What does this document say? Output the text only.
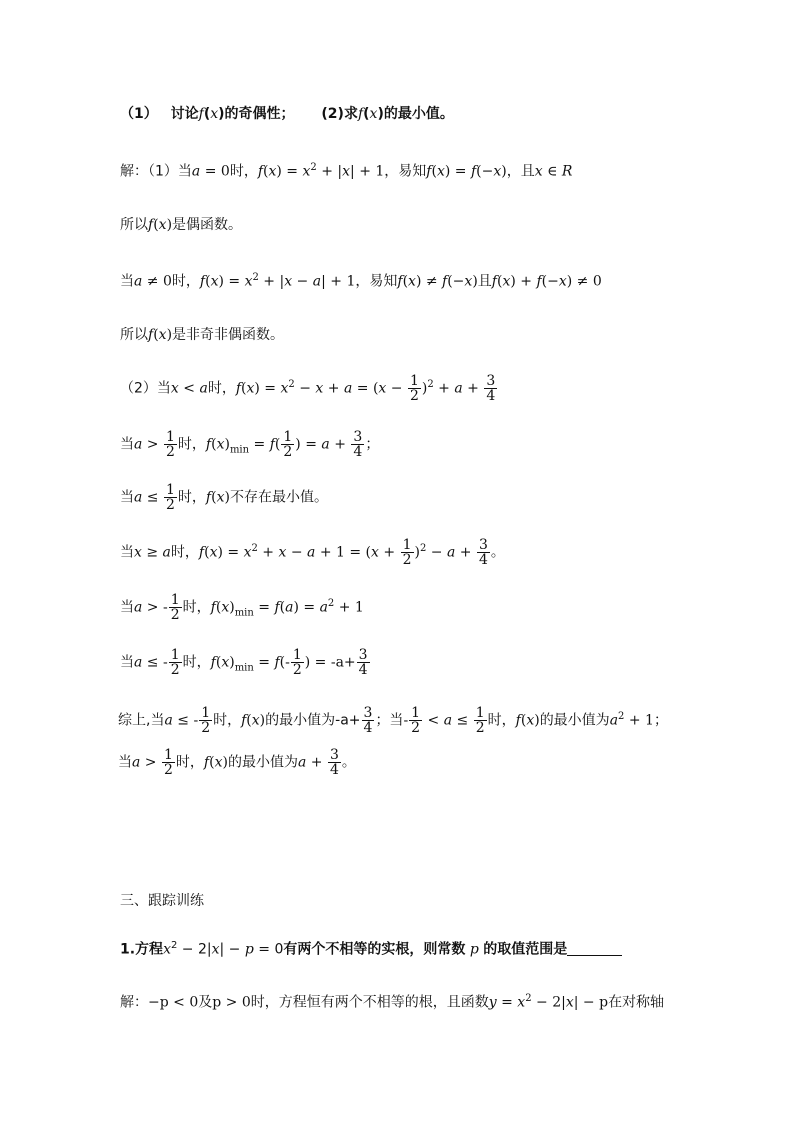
（1） 讨论f(x)的奇偶性； (2)求f(x)的最小值。
解：（1）当a = 0时，$f(x) = x^2 + |x| + 1$，易知f(x) = f(−x)，且x ∈ R
所以f(x)是偶函数。
当a ≠ 0时，$f(x) = x^2 + |x - a| + 1$，易知f(x) ≠ f(−x)且f(x) + f(−x) ≠ 0
所以f(x)是非奇非偶函数。
（2）当x < a时，$f(x) = x^2 - x + a = (x - \frac{1}{2} )^2 + a + \frac{3}{4}$
当$a > \frac{1}{2}$ 时，$f(x)_{min} = f( \frac{1}{2}$ ) = $a + \frac{3}{4}$ ；
当$a \le \frac{1}{2}$ 时，f(x)不存在最小值。
当x ≥ a时，$f(x) = x^2 + x - a + 1 = (x + \frac{1}{2} )^2 - a + \frac{3}{4}$ 。
当a > - $\frac{1}{2}$ 时，$f(x)_{min} = f(a) = a^2 + 1$
当a ≤ - $\frac{1}{2}$ 时，$f(x)_{min} = f(- \frac{1}{2}$ ) = $-a+ \frac{3}{4}$
综上,当a ≤ - $\frac{1}{2}$ 时，f(x)的最小值为$-a+ \frac{3}{4}$ ；当- $\frac{1}{2} < a \le \frac{1}{2}$ 时，f(x)的最小值为$a^2 + 1$；
当$a > \frac{1}{2}$ 时，f(x)的最小值为$a + \frac{3}{4}$ 。
三、跟踪训练
1.方程$x^2 - 2|x| - p = 0$有两个不相等的实根，则常数 p 的取值范围是
解：−p < 0及p > 0时，方程恒有两个不相等的根，且函数$y = x^2 - 2|x| - p$在对称轴
